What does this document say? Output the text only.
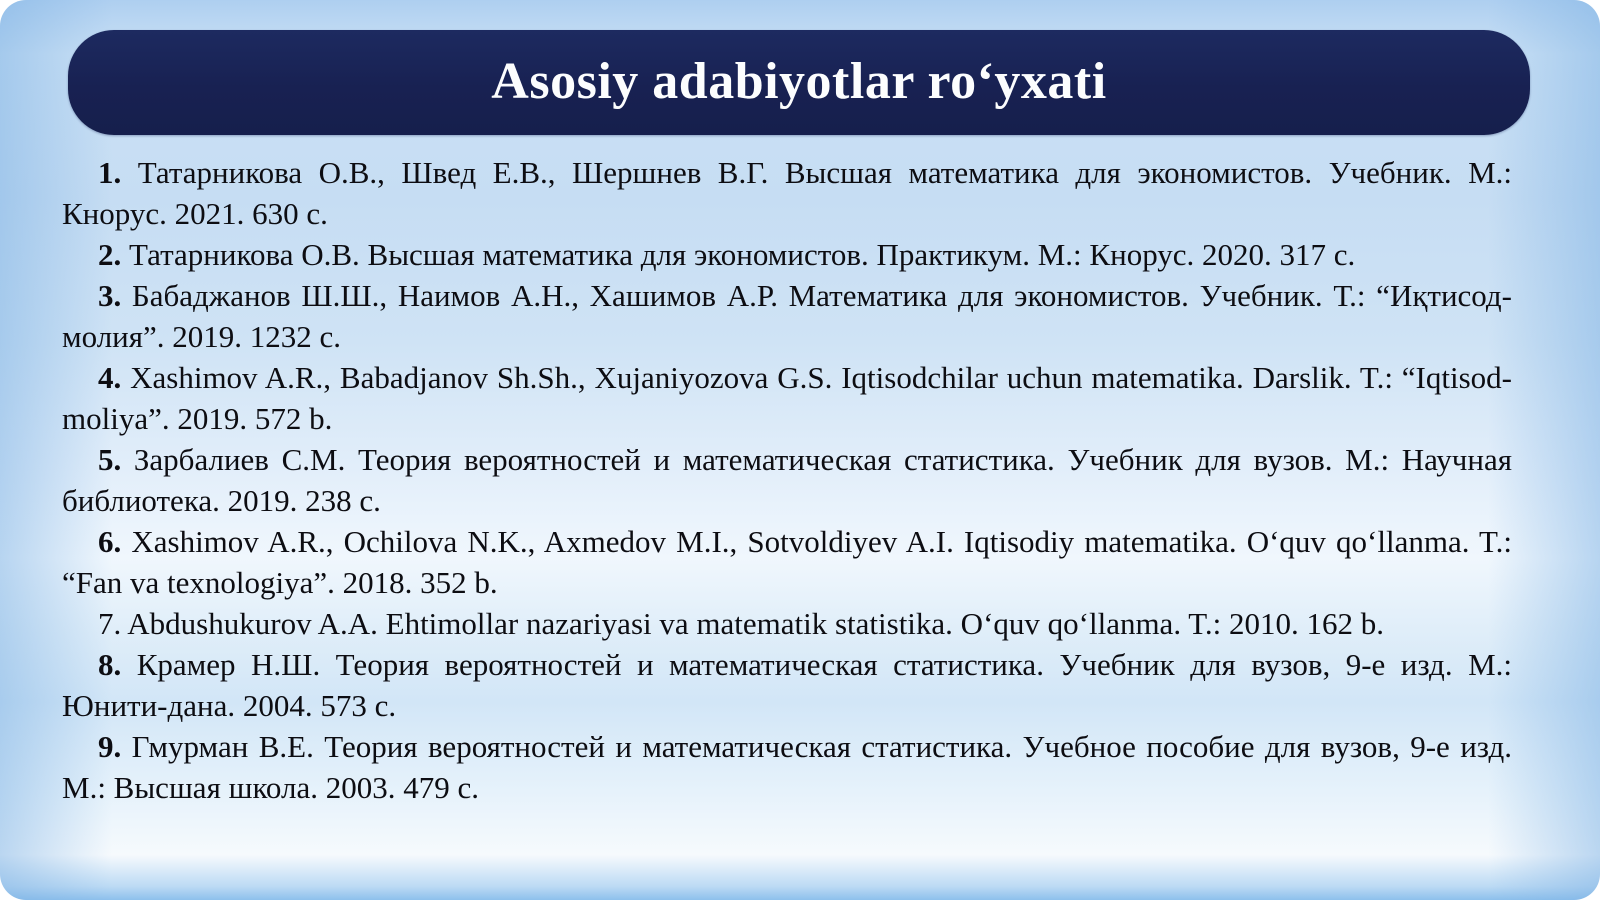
Asosiy adabiyotlar ro‘yxati

1. Татарникова О.В., Швед Е.В., Шершнев В.Г. Высшая математика для экономистов. Учебник. М.: Кнорус. 2021. 630 с.

2. Татарникова О.В. Высшая математика для экономистов. Практикум. М.: Кнорус. 2020. 317 с.

3. Бабаджанов Ш.Ш., Наимов А.Н., Хашимов А.Р. Математика для экономистов. Учебник. Т.: “Иқтисод-молия”. 2019. 1232 с.

4. Xashimov A.R., Babadjanov Sh.Sh., Xujaniyozova G.S. Iqtisodchilar uchun matematika. Darslik. T.: “Iqtisod-moliya”. 2019. 572 b.

5. Зарбалиев С.М. Теория вероятностей и математическая статистика. Учебник для вузов. М.: Научная библиотека. 2019. 238 с.

6. Xashimov A.R., Ochilova N.K., Axmedov M.I., Sotvoldiyev A.I. Iqtisodiy matematika. O‘quv qo‘llanma. T.: “Fan va texnologiya”. 2018. 352 b.

7. Abdushukurov A.A. Ehtimollar nazariyasi va matematik statistika. O‘quv qo‘llanma. T.: 2010. 162 b.

8. Крамер Н.Ш. Теория вероятностей и математическая статистика. Учебник для вузов, 9-е изд. М.: Юнити-дана. 2004. 573 с.

9. Гмурман В.Е. Теория вероятностей и математическая статистика. Учебное пособие для вузов, 9-е изд. М.: Высшая школа. 2003. 479 с.
